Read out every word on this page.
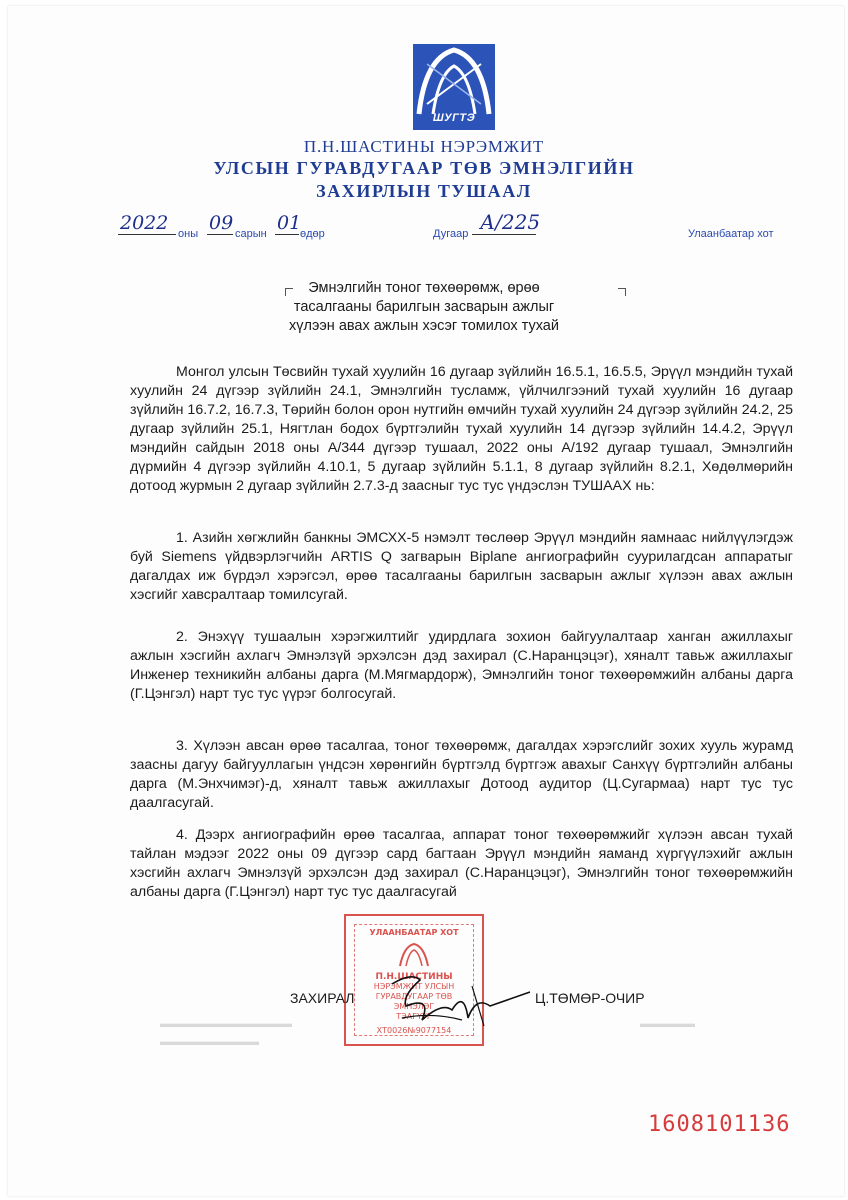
ШУГТЭ
П.Н.ШАСТИНЫ НЭРЭМЖИТ
УЛСЫН ГУРАВДУГААР ТӨВ ЭМНЭЛГИЙН
ЗАХИРЛЫН ТУШААЛ
2022 оны 09 сарын 01
өдөр	Дугаар А/225	Улаанбаатар хот
Эмнэлгийн тоног төхөөрөмж, өрөө
тасалгааны барилгын засварын ажлыг
хүлээн авах ажлын хэсэг томилох тухай

Монгол улсын Төсвийн тухай хуулийн 16 дугаар зүйлийн 16.5.1, 16.5.5, Эрүүл мэндийн тухай хуулийн 24 дүгээр зүйлийн 24.1, Эмнэлгийн тусламж, үйлчилгээний тухай хуулийн 16 дугаар зүйлийн 16.7.2, 16.7.3, Төрийн болон орон нутгийн өмчийн тухай хуулийн 24 дүгээр зүйлийн 24.2, 25 дугаар зүйлийн 25.1, Нягтлан бодох бүртгэлийн тухай хуулийн 14 дүгээр зүйлийн 14.4.2, Эрүүл мэндийн сайдын 2018 оны А/344 дүгээр тушаал, 2022 оны А/192 дугаар тушаал, Эмнэлгийн дүрмийн 4 дүгээр зүйлийн 4.10.1, 5 дугаар зүйлийн 5.1.1, 8 дугаар зүйлийн 8.2.1, Хөдөлмөрийн дотоод журмын 2 дугаар зүйлийн 2.7.3-д заасныг тус тус үндэслэн ТУШААХ нь:

1. Азийн хөгжлийн банкны ЭМСХХ-5 нэмэлт төслөөр Эрүүл мэндийн яамнаас нийлүүлэгдэж буй Siemens үйдвэрлэгчийн ARTIS Q загварын Biplane ангиографийн суурилагдсан аппаратыг дагалдах иж бүрдэл хэрэгсэл, өрөө тасалгааны барилгын засварын ажлыг хүлээн авах ажлын хэсгийг хавсралтаар томилсугай.

2. Энэхүү тушаалын хэрэгжилтийг удирдлага зохион байгуулалтаар ханган ажиллахыг ажлын хэсгийн ахлагч Эмнэлзүй эрхэлсэн дэд захирал (С.Наранцэцэг), хяналт тавьж ажиллахыг Инженер техникийн албаны дарга (М.Мягмардорж), Эмнэлгийн тоног төхөөрөмжийн албаны дарга (Г.Цэнгэл) нарт тус тус үүрэг болгосугай.

3. Хүлээн авсан өрөө тасалгаа, тоног төхөөрөмж, дагалдах хэрэгслийг зохих хууль журамд заасны дагуу байгууллагын үндсэн хөрөнгийн бүртгэлд бүртгэж авахыг Санхүү бүртгэлийн албаны дарга (М.Энхчимэг)-д, хяналт тавьж ажиллахыг Дотоод аудитор (Ц.Сугармаа) нарт тус тус даалгасугай.

4. Дээрх ангиографийн өрөө тасалгаа, аппарат тоног төхөөрөмжийг хүлээн авсан тухай тайлан мэдээг 2022 оны 09 дүгээр сард багтаан Эрүүл мэндийн яаманд хүргүүлэхийг ажлын хэсгийн ахлагч Эмнэлзүй эрхэлсэн дэд захирал (С.Наранцэцэг), Эмнэлгийн тоног төхөөрөмжийн албаны дарга (Г.Цэнгэл) нарт тус тус даалгасугай

УЛААНБААТАР ХОТ
П.Н.ШАСТИНЫ
НЭРЭМЖИТ УЛСЫН
ГУРАВДУГААР ТӨВ
ЭМНЭЛЭГ
ТЭАГҮҮГ
ХТ0026№9077154
ЗАХИРАЛ	Ц.ТӨМӨР-ОЧИР
▬▬▬▬▬▬▬▬▬▬▬▬
▬▬▬▬▬▬▬▬▬
▬▬▬▬▬
1608101136
